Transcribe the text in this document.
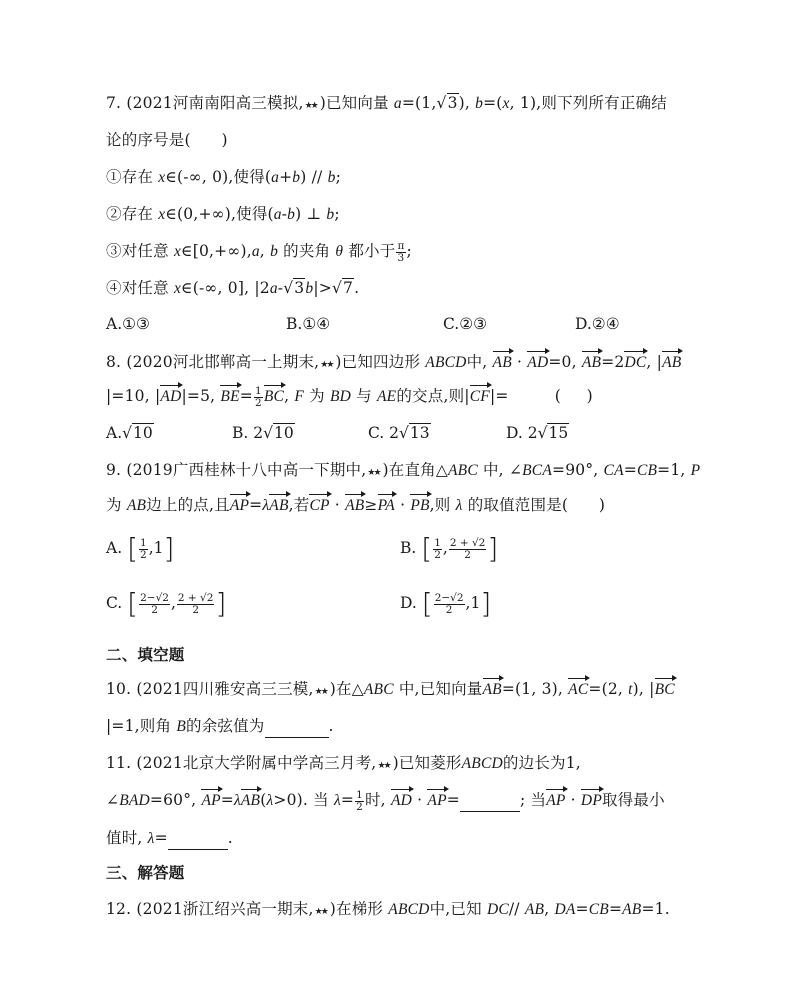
7. (2021河南南阳高三模拟,★★ )已知向量 a=(1,√3), b=(x, 1),则下列所有正确结
论的序号是(      )
①存在 x∈(-∞, 0),使得(a+b) // b;
②存在 x∈(0,+∞),使得(a-b) ⊥ b;
③对任意 x∈[0,+∞),a, b 的夹角 θ 都小于 $\frac{\pi}{3}$ ;
④对任意 x∈(-∞, 0], |2a-√3b|>√7.
A.①③	B.①④	C.②③	D.②④
8. (2020河北邯郸高一上期末,★★ )已知四边形 ABCD中, AB · AD=0, AB=2DC, |AB
|=10, |AD|=5, $BE= \frac{1}{2}$ BC, F 为 BD 与 AE的交点,则|CF|=         (     )
A.√10	B. 2√10	C. 2√13	D. 2√15
9. (2019广西桂林十八中高一下期中,★★ )在直角△ABC 中, ∠BCA=90°, CA=CB=1, P
为 AB边上的点,且AP=λAB,若CP · AB≥PA · PB,则 λ 的取值范围是(      )
A. [ $\frac{1}{2} ,1$]	B. [ $\frac{1}{2}$ , $\frac{2 + √2}{2}$ ]
C. [ $\frac{2-√2}{2}$ , $\frac{2 + √2}{2}$ ]	D. [ $\frac{2-√2}{2} ,1$]
二、填空题
10. (2021四川雅安高三三模,★★ )在△ABC 中,已知向量AB=(1, 3), AC=(2, t), |BC
|=1,则角 B的余弦值为	.
11. (2021北京大学附属中学高三月考,★★ )已知菱形ABCD的边长为1,
∠BAD=60°, AP=λAB(λ>0). 当 $\lambda= \frac{1}{2}$ 时, AD · AP=	; 当AP · DP取得最小
值时, λ=	.
三、解答题
12. (2021浙江绍兴高一期末,★★ )在梯形 ABCD中,已知 DC// AB, DA=CB=AB=1.
